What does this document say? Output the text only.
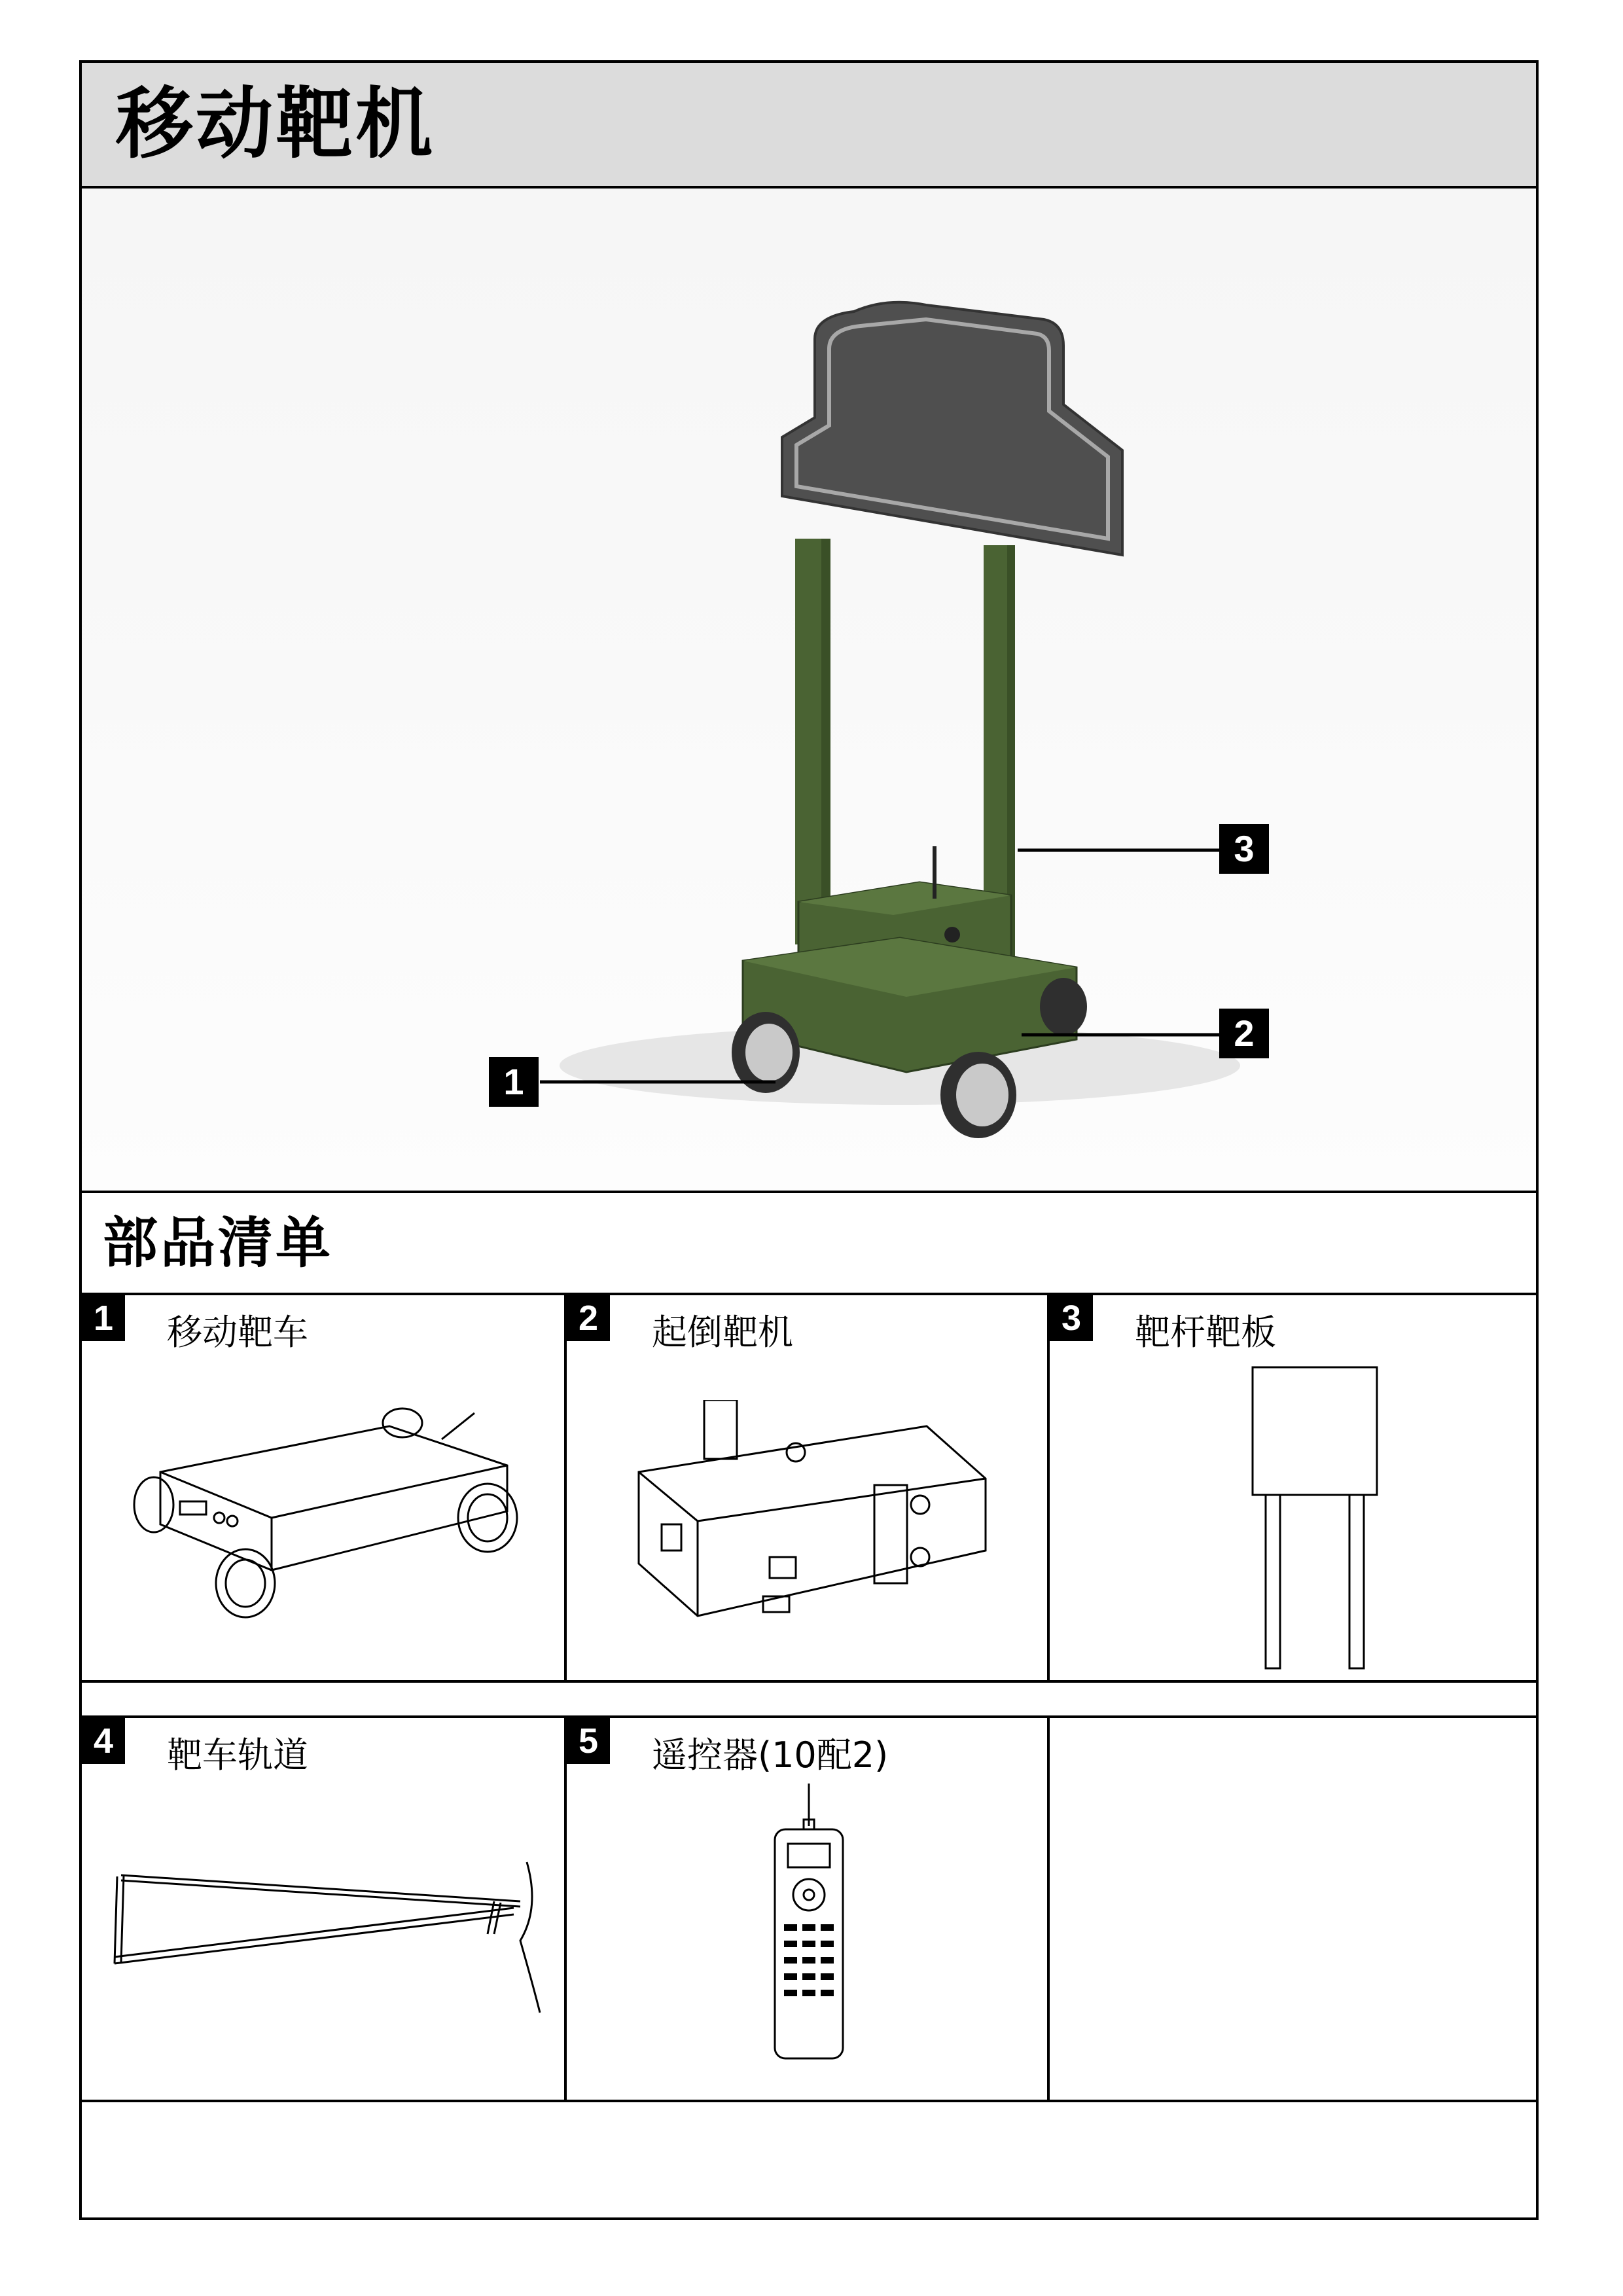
移动靶机
1
2
3
部品清单
1	移动靶车	2	起倒靶机	3	靶杆靶板
4	靶车轨道	5	遥控器(10配2)
